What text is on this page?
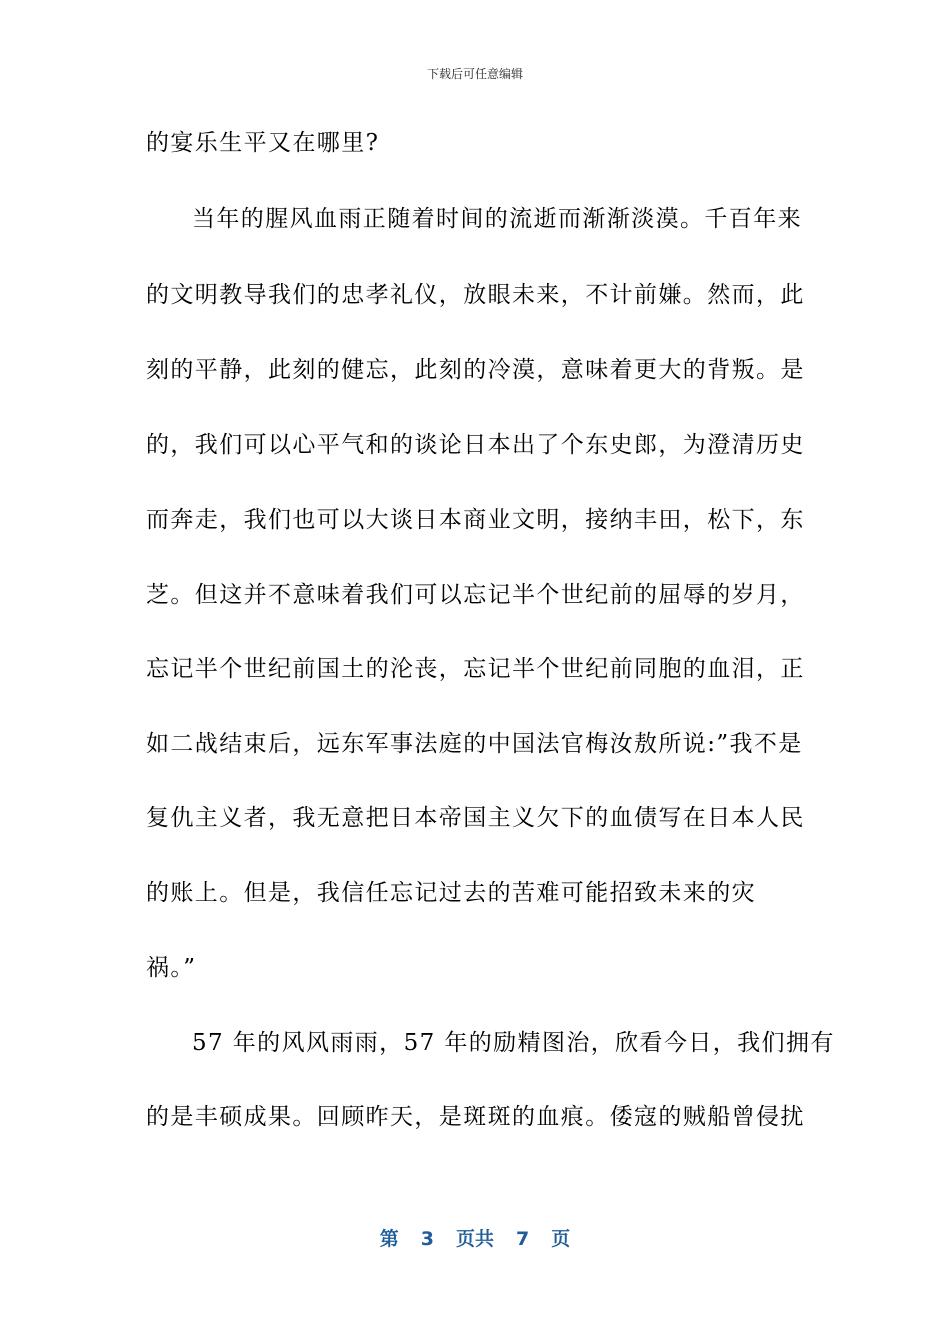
下载后可任意编辑
的宴乐生平又在哪里?
当年的腥风血雨正随着时间的流逝而渐渐淡漠。千百年来
的文明教导我们的忠孝礼仪，放眼未来，不计前嫌。然而，此
刻的平静，此刻的健忘，此刻的冷漠，意味着更大的背叛。是
的，我们可以心平气和的谈论日本出了个东史郎，为澄清历史
而奔走，我们也可以大谈日本商业文明，接纳丰田，松下，东
芝。但这并不意味着我们可以忘记半个世纪前的屈辱的岁月，
忘记半个世纪前国土的沦丧，忘记半个世纪前同胞的血泪，正
如二战结束后，远东军事法庭的中国法官梅汝敖所说:”我不是
复仇主义者，我无意把日本帝国主义欠下的血债写在日本人民
的账上。但是，我信任忘记过去的苦难可能招致未来的灾
祸。”
57 年的风风雨雨，57 年的励精图治，欣看今日，我们拥有
的是丰硕成果。回顾昨天，是斑斑的血痕。倭寇的贼船曾侵扰
第 3 页共 7 页
